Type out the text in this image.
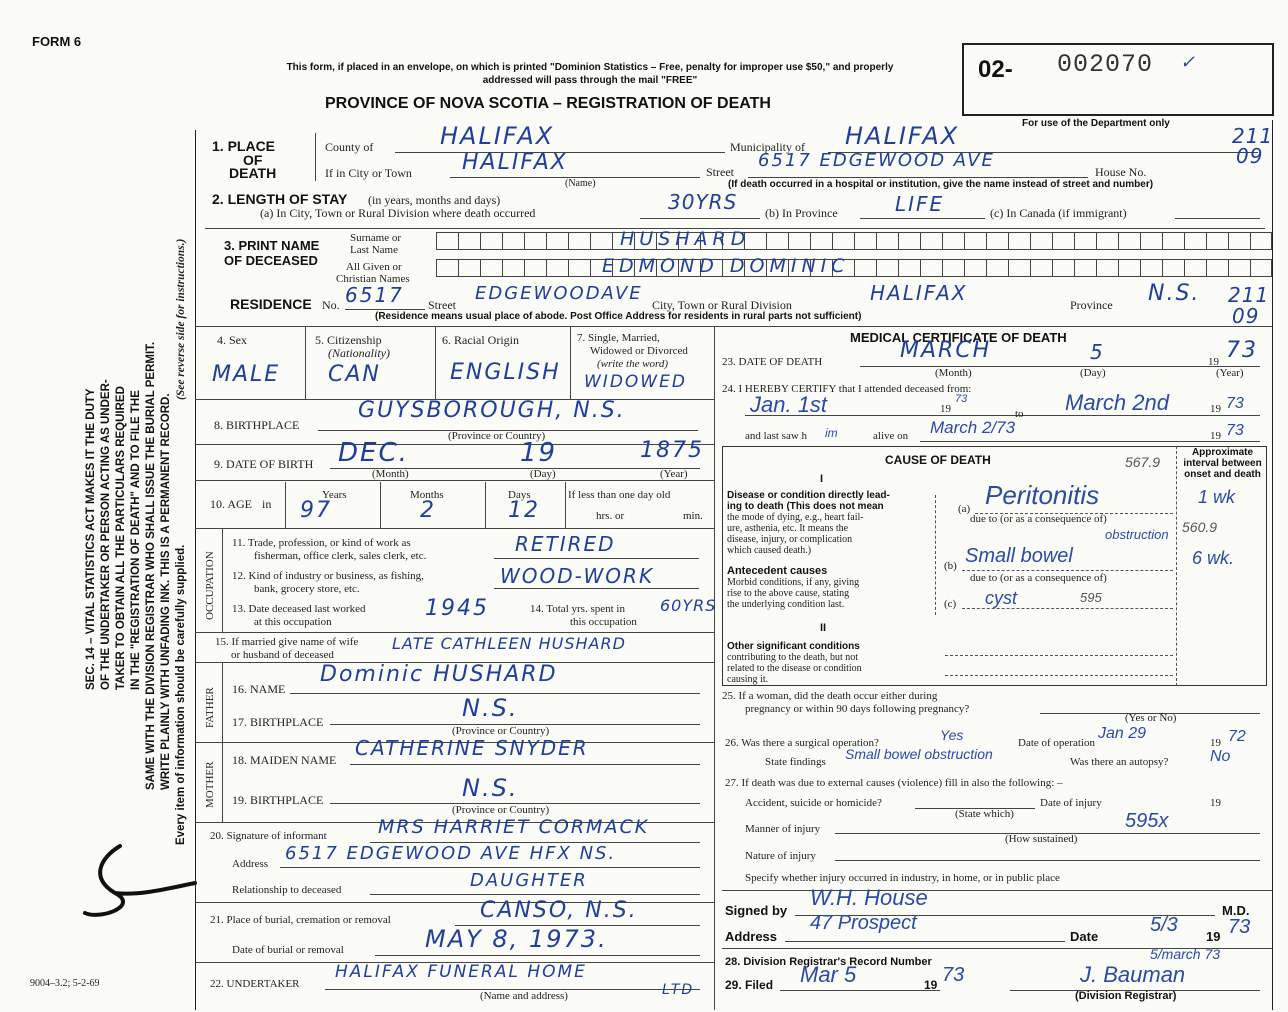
FORM 6
This form, if placed in an envelope, on which is printed "Dominion Statistics – Free, penalty for improper use $50," and properly addressed will pass through the mail "FREE"
PROVINCE OF NOVA SCOTIA – REGISTRATION OF DEATH
02- 002070 ✓
For use of the Department only
SEC. 14 – VITAL STATISTICS ACT MAKES IT THE DUTY OF THE UNDERTAKER OR PERSON ACTING AS UNDER- TAKER TO OBTAIN ALL THE PARTICULARS REQUIRED IN THE "REGISTRATION OF DEATH" AND TO FILE THE SAME WITH THE DIVISION REGISTRAR WHO SHALL ISSUE THE BURIAL PERMIT. WRITE PLAINLY WITH UNFADING INK. THIS IS A PERMANENT RECORD. Every item of information should be carefully supplied.
(See reverse side for instructions.)
9004–3.2; 5-2-69
1. PLACE
OF
DEATH
County of	HALIFAX	Municipality of HALIFAX	211
If in City or Town HALIFAX
(Name)
Street
6517 EDGEWOOD AVE
House No.
09
(If death occurred in a hospital or institution, give the name instead of street and number)
2. LENGTH OF STAY (in years, months and days)
(a) In City, Town or Rural Division where death occurred	30YRS (b) In Province	LIFE	(c) In Canada (if immigrant)
3. PRINT NAME
OF DECEASED
Surname or
Last Name	HUSHARD
All Given or
Christian Names
EDMOND DOMINIC
RESIDENCE No. 6517 Street
EDGEWOODAVE
City, Town or Rural Division	HALIFAX	Province N.S. 211
09
(Residence means usual place of abode. Post Office Address for residents in rural parts not sufficient)
4. Sex
MALE
5. Citizenship
(Nationality)
CAN
6. Racial Origin
ENGLISH
7. Single, Married,
Widowed or Divorced
(write the word)
WIDOWED
8. BIRTHPLACE
GUYSBOROUGH, N.S.
(Province or Country)
9. DATE OF BIRTH DEC.	19	1875
(Month)	(Day)	(Year)
10. AGE in
Years	Months	Days
97	2	12
If less than one day old
hrs. or	min.
OCCUPATION
11. Trade, profession, or kind of work as
fisherman, office clerk, sales clerk, etc.	RETIRED
12. Kind of industry or business, as fishing,
bank, grocery store, etc.
WOOD-WORK
13. Date deceased last worked
at this occupation
1945	14. Total yrs. spent in
this occupation
60YRS
15. If married give name of wife
or husband of deceased
LATE CATHLEEN HUSHARD
FATHER 16. NAME
Dominic HUSHARD
17. BIRTHPLACE	N.S.
(Province or Country)
MOTHER
18. MAIDEN NAME CATHERINE SNYDER
19. BIRTHPLACE	N.S.
(Province or Country)
20. Signature of informant	MRS HARRIET CORMACK
Address 6517 EDGEWOOD AVE HFX NS.
Relationship to deceased	DAUGHTER
21. Place of burial, cremation or removal	CANSO, N.S.
Date of burial or removal	MAY 8, 1973.
22. UNDERTAKER
HALIFAX FUNERAL HOME
LTD
(Name and address)
MEDICAL CERTIFICATE OF DEATH
23. DATE OF DEATH	MARCH	5	19 73
(Month)	(Day)	(Year)
24. I HEREBY CERTIFY that I attended deceased from:
Jan. 1st	19
73
to March 2nd	19 73
and last saw h im	alive on March 2/73	19 73
CAUSE OF DEATH
Approximate interval between onset and death
567.9
I
Disease or condition directly lead-
ing to death (This does not mean
the mode of dying, e.g., heart fail-
ure, asthenia, etc. It means the
disease, injury, or complication
which caused death.)
(a) Peritonitis	1 wk
due to (or as a consequence of)
obstruction 560.9
Antecedent causes
Morbid conditions, if any, giving
rise to the above cause, stating
the underlying condition last.
(b) Small bowel	6 wk.
due to (or as a consequence of)
(c) cyst	595
II
Other significant conditions
contributing to the death, but not
related to the disease or condition
causing it.
25. If a woman, did the death occur either during
pregnancy or within 90 days following pregnancy?
(Yes or No)
26. Was there a surgical operation?	Yes	Date of operation
Jan 29
19 72
State findings Small bowel obstruction	Was there an autopsy?	No
27. If death was due to external causes (violence) fill in also the following: –
Accident, suicide or homicide?	Date of injury	19
(State which)
Manner of injury	595x
(How sustained)
Nature of injury
Specify whether injury occurred in industry, in home, or in public place
Signed by
W.H. House
M.D.
Address
47 Prospect
Date
5/3
19 73
28. Division Registrar's Record Number	5/march 73
29. Filed Mar 5	19 73	J. Bauman
(Division Registrar)
